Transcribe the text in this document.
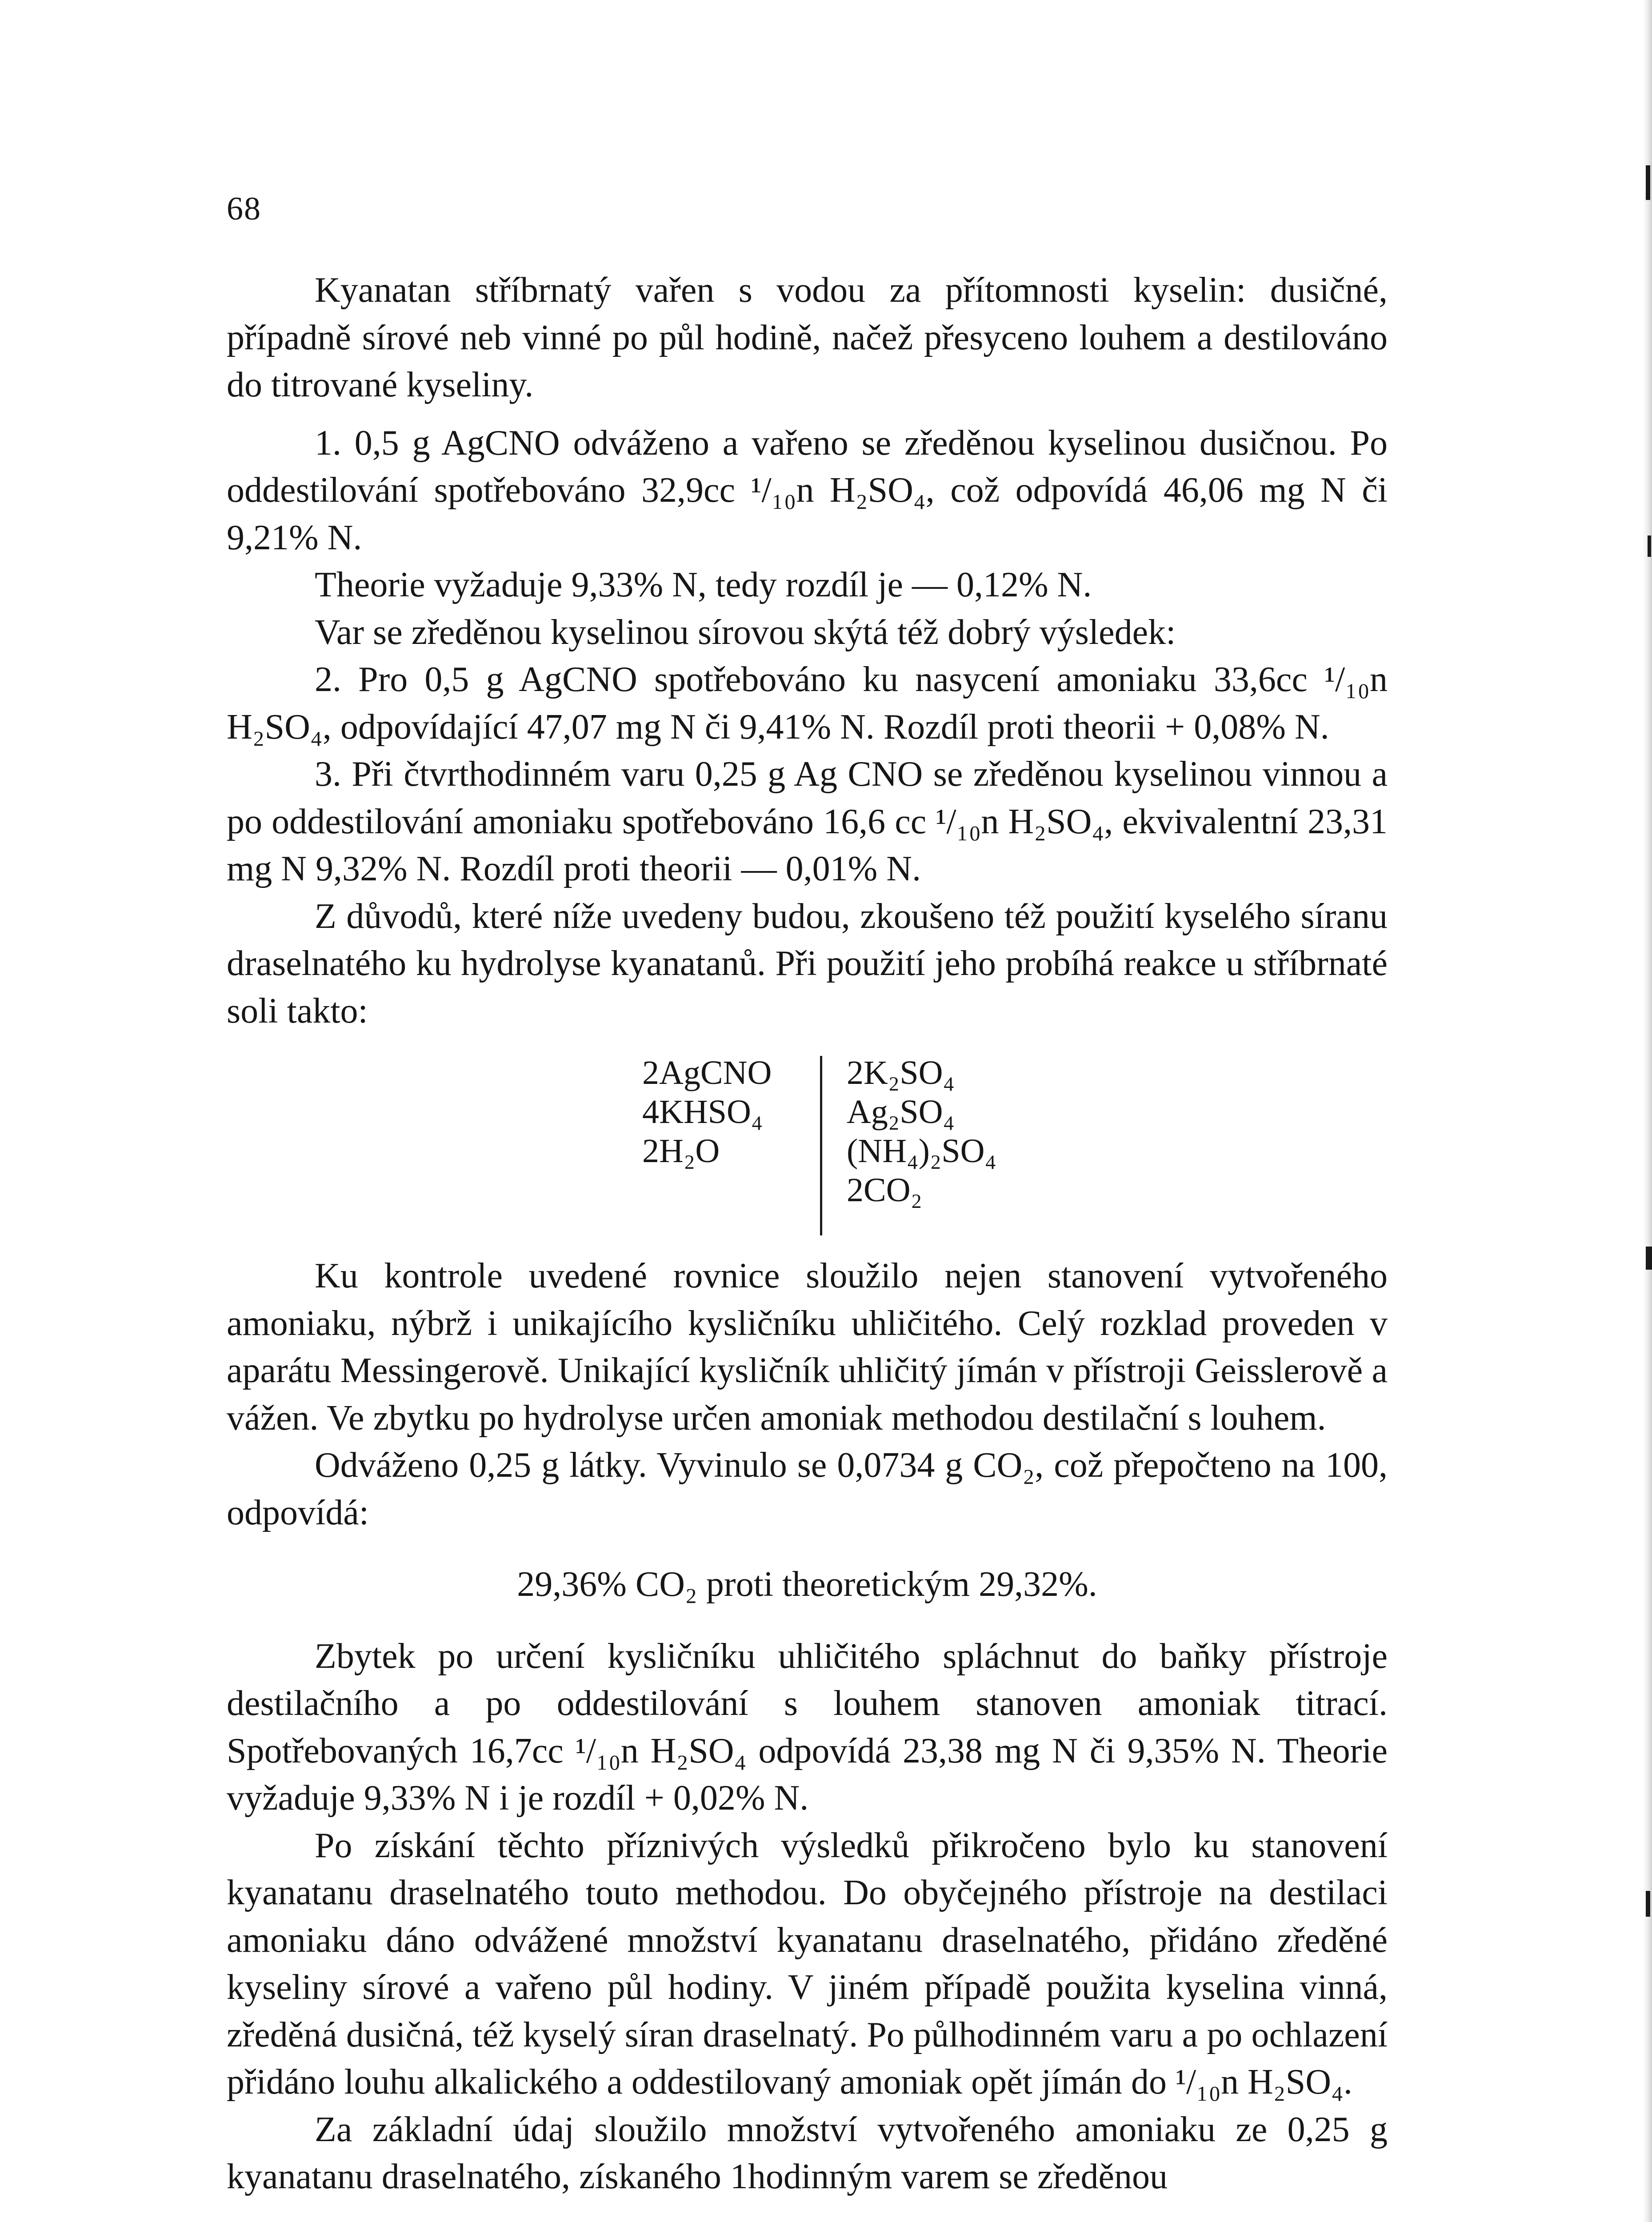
68

Kyanatan stříbrnatý vařen s vodou za přítomnosti kyselin: dusičné, případně sírové neb vinné po půl hodině, načež přesyceno louhem a destilováno do titrované kyseliny.

1. 0,5 g AgCNO odváženo a vařeno se zředěnou kyselinou dusičnou. Po oddestilování spotřebováno 32,9cc ¹/₁₀n H₂SO₄, což odpovídá 46,06 mg N či 9,21% N.

Theorie vyžaduje 9,33% N, tedy rozdíl je — 0,12% N.

Var se zředěnou kyselinou sírovou skýtá též dobrý výsledek:

2. Pro 0,5 g AgCNO spotřebováno ku nasycení amoniaku 33,6cc ¹/₁₀n H₂SO₄, odpovídající 47,07 mg N či 9,41% N. Rozdíl proti theorii + 0,08% N.

3. Při čtvrthodinném varu 0,25 g Ag CNO se zředěnou kyselinou vinnou a po oddestilování amoniaku spotřebováno 16,6 cc ¹/₁₀n H₂SO₄, ekvivalentní 23,31 mg N 9,32% N. Rozdíl proti theorii — 0,01% N.

Z důvodů, které níže uvedeny budou, zkoušeno též použití kyselého síranu draselnatého ku hydrolyse kyanatanů. Při použití jeho probíhá reakce u stříbrnaté soli takto:

2AgCNO
4KHSO₄
2H₂O
2K₂SO₄
Ag₂SO₄
(NH₄)₂SO₄
2CO₂

Ku kontrole uvedené rovnice sloužilo nejen stanovení vytvořeného amoniaku, nýbrž i unikajícího kysličníku uhličitého. Celý rozklad proveden v aparátu Messingerově. Unikající kysličník uhličitý jímán v přístroji Geisslerově a vážen. Ve zbytku po hydrolyse určen amoniak methodou destilační s louhem.

Odváženo 0,25 g látky. Vyvinulo se 0,0734 g CO₂, což přepočteno na 100, odpovídá:

29,36% CO₂ proti theoretickým 29,32%.

Zbytek po určení kysličníku uhličitého spláchnut do baňky přístroje destilačního a po oddestilování s louhem stanoven amoniak titrací. Spotřebovaných 16,7cc ¹/₁₀n H₂SO₄ odpovídá 23,38 mg N či 9,35% N. Theorie vyžaduje 9,33% N i je rozdíl + 0,02% N.

Po získání těchto příznivých výsledků přikročeno bylo ku stanovení kyanatanu draselnatého touto methodou. Do obyčejného přístroje na destilaci amoniaku dáno odvážené množství kyanatanu draselnatého, přidáno zředěné kyseliny sírové a vařeno půl hodiny. V jiném případě použita kyselina vinná, zředěná dusičná, též kyselý síran draselnatý. Po půlhodinném varu a po ochlazení přidáno louhu alkalického a oddestilovaný amoniak opět jímán do ¹/₁₀n H₂SO₄.

Za základní údaj sloužilo množství vytvořeného amoniaku ze 0,25 g kyanatanu draselnatého, získaného 1hodinným varem se zředěnou
